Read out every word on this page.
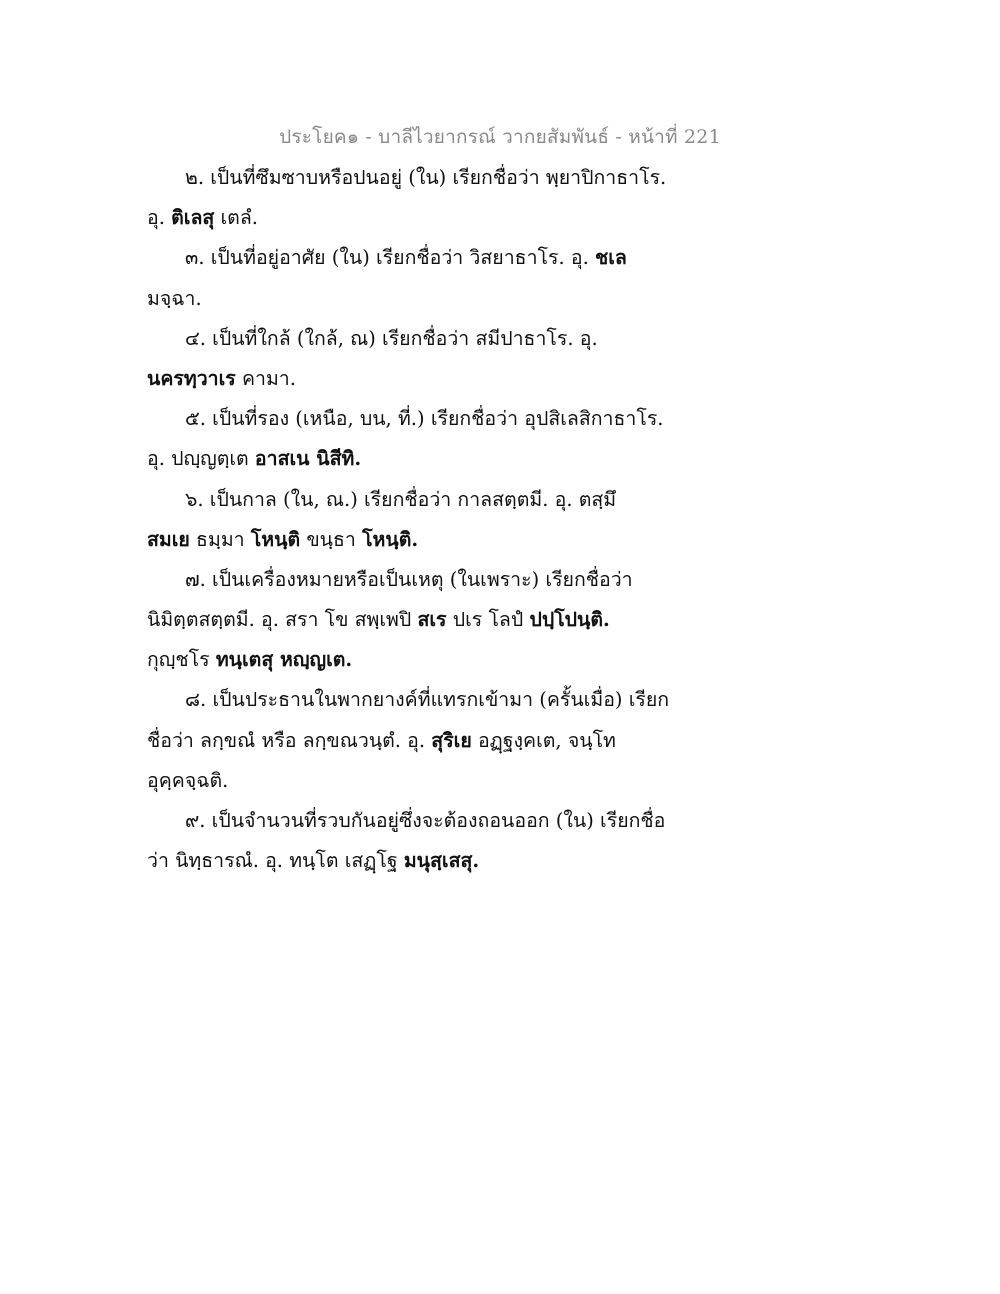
ประโยค๑ - บาลีไวยากรณ์ วากยสัมพันธ์ - หน้าที่ 221
๒. เป็นที่ซึมซาบหรือปนอยู่ (ใน) เรียกชื่อว่า พฺยาปิกาธาโร.
อุ. ติเลสุ เตลํ.
๓. เป็นที่อยู่อาศัย (ใน) เรียกชื่อว่า วิสยาธาโร. อุ. ชเล
มจฺฉา.
๔. เป็นที่ใกล้ (ใกล้, ณ) เรียกชื่อว่า สมีปาธาโร. อุ.
นครทฺวาเร คามา.
๕. เป็นที่รอง (เหนือ, บน, ที่.) เรียกชื่อว่า อุปสิเลสิกาธาโร.
อุ. ปญฺญตฺเต อาสเน นิสีทิ.
๖. เป็นกาล (ใน, ณ.) เรียกชื่อว่า กาลสตฺตมี. อุ. ตสฺมึ
สมเย ธมฺมา โหนฺติ ขนฺธา โหนฺติ.
๗. เป็นเครื่องหมายหรือเป็นเหตุ (ในเพราะ) เรียกชื่อว่า
นิมิตฺตสตฺตมี. อุ. สรา โข สพฺเพปิ สเร ปเร โลปํ ปปฺโปนฺติ.
กุญฺชโร ทนฺเตสุ หญฺญเต.
๘. เป็นประธานในพากยางค์ที่แทรกเข้ามา (ครั้นเมื่อ) เรียก
ชื่อว่า ลกฺขณํ หรือ ลกฺขณวนฺตํ. อุ. สุริเย อฏฺฐงฺคเต, จนฺโท
อุคฺคจฺฉติ.
๙. เป็นจำนวนที่รวบกันอยู่ซึ่งจะต้องถอนออก (ใน) เรียกชื่อ
ว่า นิทฺธารณํ. อุ. ทนฺโต เสฏฺโฐ มนุสฺเสสุ.
